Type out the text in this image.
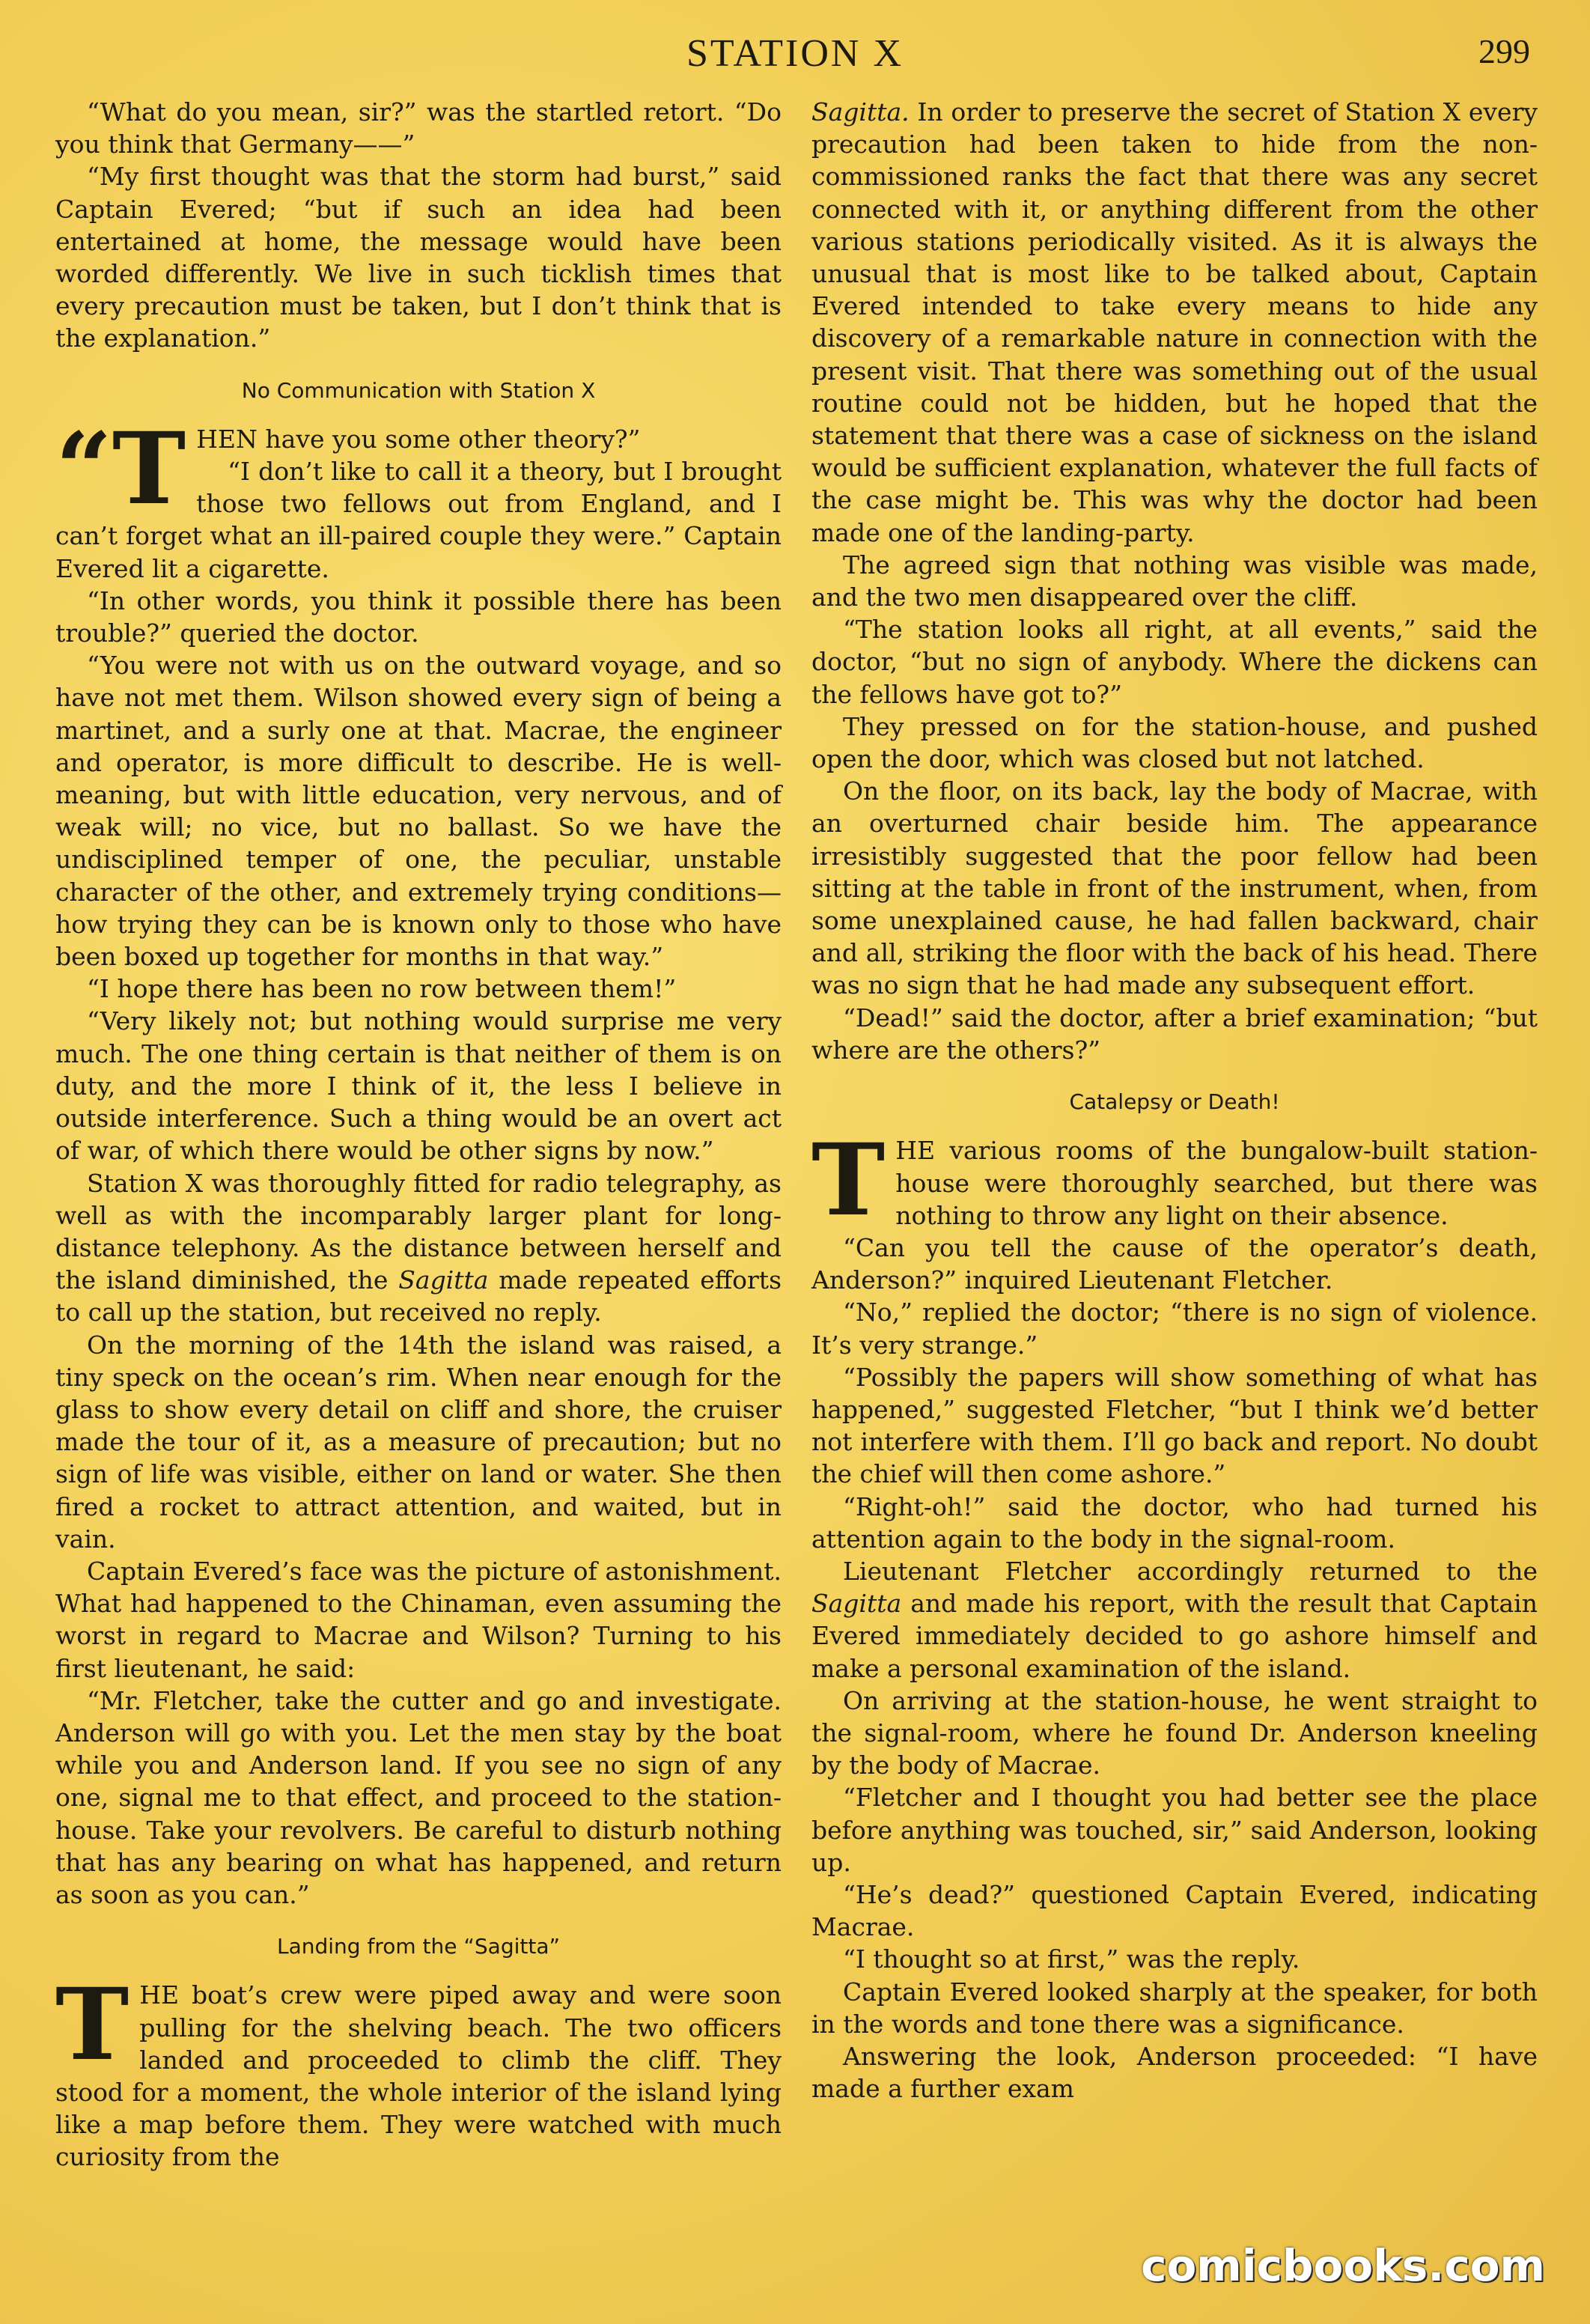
STATION X	299

“What do you mean, sir?” was the startled retort. “Do you think that Germany——”

“My first thought was that the storm had burst,” said Captain Evered; “but if such an idea had been entertained at home, the message would have been worded differently. We live in such ticklish times that every precaution must be taken, but I don’t think that is the explanation.”

No Communication with Station X

“THEN have you some other theory?”

“I don’t like to call it a theory, but I brought those two fellows out from England, and I can’t forget what an ill-paired couple they were.” Captain Evered lit a cigarette.

“In other words, you think it possible there has been trouble?” queried the doctor.

“You were not with us on the outward voyage, and so have not met them. Wilson showed every sign of being a martinet, and a surly one at that. Macrae, the engineer and operator, is more difficult to describe. He is well-meaning, but with little education, very nervous, and of weak will; no vice, but no ballast. So we have the undisciplined temper of one, the peculiar, unstable character of the other, and extremely trying conditions—how trying they can be is known only to those who have been boxed up together for months in that way.”

“I hope there has been no row between them!”

“Very likely not; but nothing would surprise me very much. The one thing certain is that neither of them is on duty, and the more I think of it, the less I believe in outside interference. Such a thing would be an overt act of war, of which there would be other signs by now.”

Station X was thoroughly fitted for radio telegraphy, as well as with the incomparably larger plant for long-distance telephony. As the distance between herself and the island diminished, the Sagitta made repeated efforts to call up the station, but received no reply.

On the morning of the 14th the island was raised, a tiny speck on the ocean’s rim. When near enough for the glass to show every detail on cliff and shore, the cruiser made the tour of it, as a measure of precaution; but no sign of life was visible, either on land or water. She then fired a rocket to attract attention, and waited, but in vain.

Captain Evered’s face was the picture of astonishment. What had happened to the Chinaman, even assuming the worst in regard to Macrae and Wilson? Turning to his first lieutenant, he said:

“Mr. Fletcher, take the cutter and go and investigate. Anderson will go with you. Let the men stay by the boat while you and Anderson land. If you see no sign of any one, signal me to that effect, and proceed to the station-house. Take your revolvers. Be careful to disturb nothing that has any bearing on what has happened, and return as soon as you can.”

Landing from the “Sagitta”

THE boat’s crew were piped away and were soon pulling for the shelving beach. The two officers landed and proceeded to climb the cliff. They stood for a moment, the whole interior of the island lying like a map before them. They were watched with much curiosity from the

Sagitta. In order to preserve the secret of Station X every precaution had been taken to hide from the non-commissioned ranks the fact that there was any secret connected with it, or anything different from the other various stations periodically visited. As it is always the unusual that is most like to be talked about, Captain Evered intended to take every means to hide any discovery of a remarkable nature in connection with the present visit. That there was something out of the usual routine could not be hidden, but he hoped that the statement that there was a case of sickness on the island would be sufficient explanation, whatever the full facts of the case might be. This was why the doctor had been made one of the landing-party.

The agreed sign that nothing was visible was made, and the two men disappeared over the cliff.

“The station looks all right, at all events,” said the doctor, “but no sign of anybody. Where the dickens can the fellows have got to?”

They pressed on for the station-house, and pushed open the door, which was closed but not latched.

On the floor, on its back, lay the body of Macrae, with an overturned chair beside him. The appearance irresistibly suggested that the poor fellow had been sitting at the table in front of the instrument, when, from some unexplained cause, he had fallen backward, chair and all, striking the floor with the back of his head. There was no sign that he had made any subsequent effort.

“Dead!” said the doctor, after a brief examination; “but where are the others?”

Catalepsy or Death!

THE various rooms of the bungalow-built station-house were thoroughly searched, but there was nothing to throw any light on their absence.

“Can you tell the cause of the operator’s death, Anderson?” inquired Lieutenant Fletcher.

“No,” replied the doctor; “there is no sign of violence. It’s very strange.”

“Possibly the papers will show something of what has happened,” suggested Fletcher, “but I think we’d better not interfere with them. I’ll go back and report. No doubt the chief will then come ashore.”

“Right-oh!” said the doctor, who had turned his attention again to the body in the signal-room.

Lieutenant Fletcher accordingly returned to the Sagitta and made his report, with the result that Captain Evered immediately decided to go ashore himself and make a personal examination of the island.

On arriving at the station-house, he went straight to the signal-room, where he found Dr. Anderson kneeling by the body of Macrae.

“Fletcher and I thought you had better see the place before anything was touched, sir,” said Anderson, looking up.

“He’s dead?” questioned Captain Evered, indicating Macrae.

“I thought so at first,” was the reply.

Captain Evered looked sharply at the speaker, for both in the words and tone there was a significance.

Answering the look, Anderson proceeded: “I have made a further exam

comicbooks.com
